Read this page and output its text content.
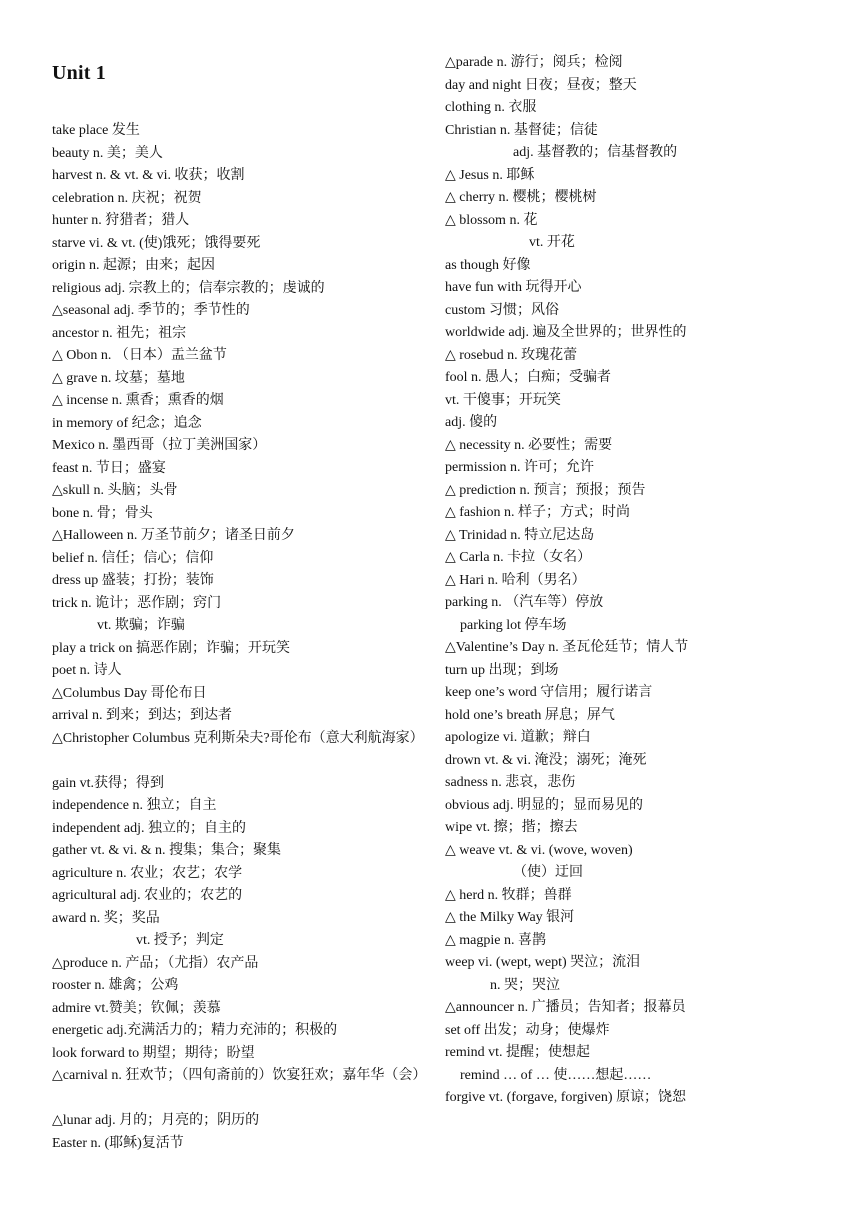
Unit 1
take place 发生
beauty n. 美；美人
harvest n. & vt. & vi. 收获；收割
celebration n. 庆祝；祝贺
hunter n. 狩猎者；猎人
starve vi. & vt. (使)饿死；饿得要死
origin n. 起源；由来；起因
religious adj. 宗教上的；信奉宗教的；虔诚的
△seasonal adj. 季节的；季节性的
ancestor n. 祖先；祖宗
△ Obon n. （日本）盂兰盆节
△ grave n. 坟墓；墓地
△ incense n. 熏香；熏香的烟
in memory of 纪念；追念
Mexico n. 墨西哥（拉丁美洲国家）
feast n. 节日；盛宴
△skull n. 头脑；头骨
bone n. 骨；骨头
△Halloween n. 万圣节前夕；诸圣日前夕
belief n. 信任；信心；信仰
dress up 盛装；打扮；装饰
trick n. 诡计；恶作剧；窍门
vt. 欺骗；诈骗
play a trick on 搞恶作剧；诈骗；开玩笑
poet n. 诗人
△Columbus Day 哥伦布日
arrival n. 到来；到达；到达者
△Christopher Columbus 克利斯朵夫?哥伦布（意大利航海家）
gain vt.获得；得到
independence n. 独立；自主
independent adj. 独立的；自主的
gather vt. & vi. & n. 搜集；集合；聚集
agriculture n. 农业；农艺；农学
agricultural adj. 农业的；农艺的
award n. 奖；奖品
vt. 授予；判定
△produce n. 产品；（尤指）农产品
rooster n. 雄禽；公鸡
admire vt.赞美；钦佩；羡慕
energetic adj.充满活力的；精力充沛的；积极的
look forward to 期望；期待；盼望
△carnival n. 狂欢节；（四旬斋前的）饮宴狂欢；嘉年华（会）
△lunar adj. 月的；月亮的；阴历的
Easter n. (耶稣)复活节
△parade n. 游行；阅兵；检阅
day and night 日夜；昼夜；整天
clothing n. 衣服
Christian n. 基督徒；信徒
adj. 基督教的；信基督教的
△ Jesus n. 耶稣
△ cherry n. 樱桃；樱桃树
△ blossom n. 花
vt. 开花
as though 好像
have fun with 玩得开心
custom 习惯；风俗
worldwide adj. 遍及全世界的；世界性的
△ rosebud n. 玫瑰花蕾
fool n. 愚人；白痴；受骗者
vt. 干傻事；开玩笑
adj. 傻的
△ necessity n. 必要性；需要
permission n. 许可；允许
△ prediction n. 预言；预报；预告
△ fashion n. 样子；方式；时尚
△ Trinidad n. 特立尼达岛
△ Carla n. 卡拉（女名）
△ Hari n. 哈利（男名）
parking n. （汽车等）停放
parking lot 停车场
△Valentine’s Day n. 圣瓦伦廷节；情人节
turn up 出现；到场
keep one’s word 守信用；履行诺言
hold one’s breath 屏息；屏气
apologize vi. 道歉；辩白
drown vt. & vi. 淹没；溺死；淹死
sadness n. 悲哀，悲伤
obvious adj. 明显的；显而易见的
wipe vt. 擦；揩；擦去
△ weave vt. & vi. (wove, woven)
（使）迂回
△ herd n. 牧群；兽群
△ the Milky Way 银河
△ magpie n. 喜鹊
weep vi. (wept, wept) 哭泣；流泪
n. 哭；哭泣
△announcer n. 广播员；告知者；报幕员
set off 出发；动身；使爆炸
remind vt. 提醒；使想起
remind … of … 使……想起……
forgive vt. (forgave, forgiven) 原谅；饶恕
